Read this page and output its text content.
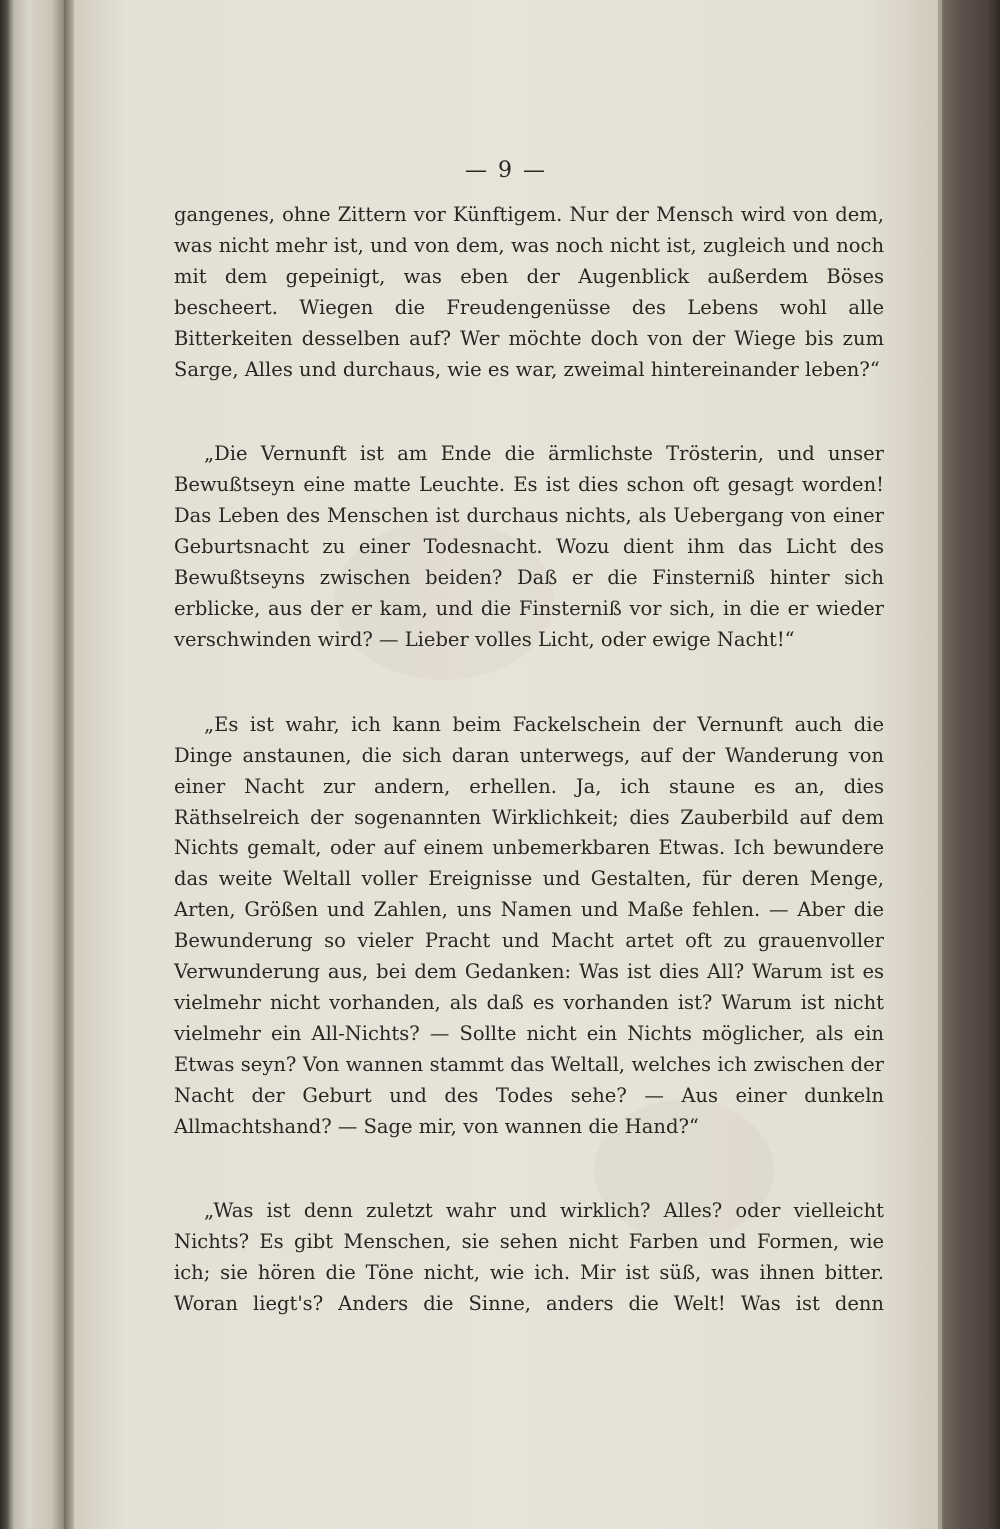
— 9 —

gangenes, ohne Zittern vor Künftigem. Nur der Mensch wird von dem, was nicht mehr ist, und von dem, was noch nicht ist, zugleich und noch mit dem gepeinigt, was eben der Augenblick außerdem Böses bescheert. Wiegen die Freudengenüsse des Lebens wohl alle Bitterkeiten desselben auf? Wer möchte doch von der Wiege bis zum Sarge, Alles und durchaus, wie es war, zweimal hintereinander leben?“

„Die Vernunft ist am Ende die ärmlichste Trösterin, und unser Bewußtseyn eine matte Leuchte. Es ist dies schon oft gesagt worden! Das Leben des Menschen ist durchaus nichts, als Uebergang von einer Geburtsnacht zu einer Todesnacht. Wozu dient ihm das Licht des Bewußtseyns zwischen beiden? Daß er die Finsterniß hinter sich erblicke, aus der er kam, und die Finsterniß vor sich, in die er wieder verschwinden wird? — Lieber volles Licht, oder ewige Nacht!“

„Es ist wahr, ich kann beim Fackelschein der Vernunft auch die Dinge anstaunen, die sich daran unterwegs, auf der Wanderung von einer Nacht zur andern, erhellen. Ja, ich staune es an, dies Räthselreich der sogenannten Wirklichkeit; dies Zauberbild auf dem Nichts gemalt, oder auf einem unbemerkbaren Etwas. Ich bewundere das weite Weltall voller Ereignisse und Gestalten, für deren Menge, Arten, Größen und Zahlen, uns Namen und Maße fehlen. — Aber die Bewunderung so vieler Pracht und Macht artet oft zu grauenvoller Verwunderung aus, bei dem Gedanken: Was ist dies All? Warum ist es vielmehr nicht vorhanden, als daß es vorhanden ist? Warum ist nicht vielmehr ein All-Nichts? — Sollte nicht ein Nichts möglicher, als ein Etwas seyn? Von wannen stammt das Weltall, welches ich zwischen der Nacht der Geburt und des Todes sehe? — Aus einer dunkeln Allmachtshand? — Sage mir, von wannen die Hand?“

„Was ist denn zuletzt wahr und wirklich? Alles? oder vielleicht Nichts? Es gibt Menschen, sie sehen nicht Farben und Formen, wie ich; sie hören die Töne nicht, wie ich. Mir ist süß, was ihnen bitter. Woran liegt's? Anders die Sinne, anders die Welt! Was ist denn
